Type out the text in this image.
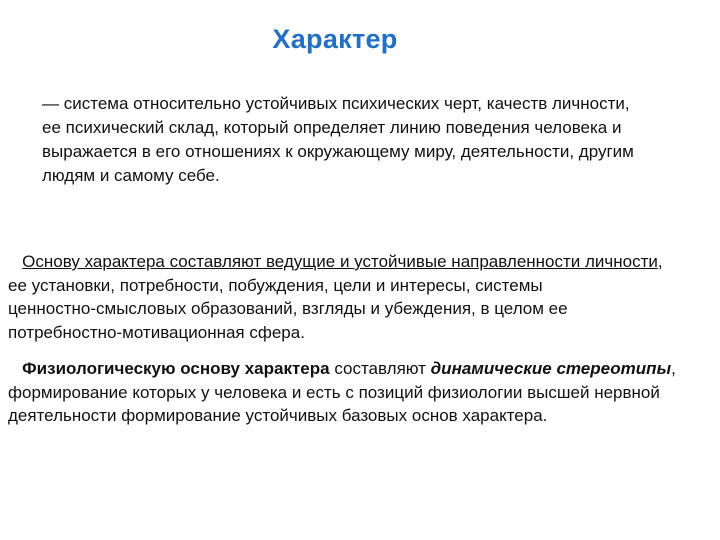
Характер
— система относительно устойчивых психических черт, качеств личности,
ее психический склад, который определяет линию поведения человека и
выражается в его отношениях к окружающему миру, деятельности, другим
людям и самому себе.
Основу характера составляют ведущие и устойчивые направленности личности,
ее установки, потребности, побуждения, цели и интересы, системы
ценностно-смысловых образований, взгляды и убеждения, в целом ее
потребностно-мотивационная сфера.
Физиологическую основу характера составляют динамические стереотипы,
формирование которых у человека и есть с позиций физиологии высшей нервной
деятельности формирование устойчивых базовых основ характера.
